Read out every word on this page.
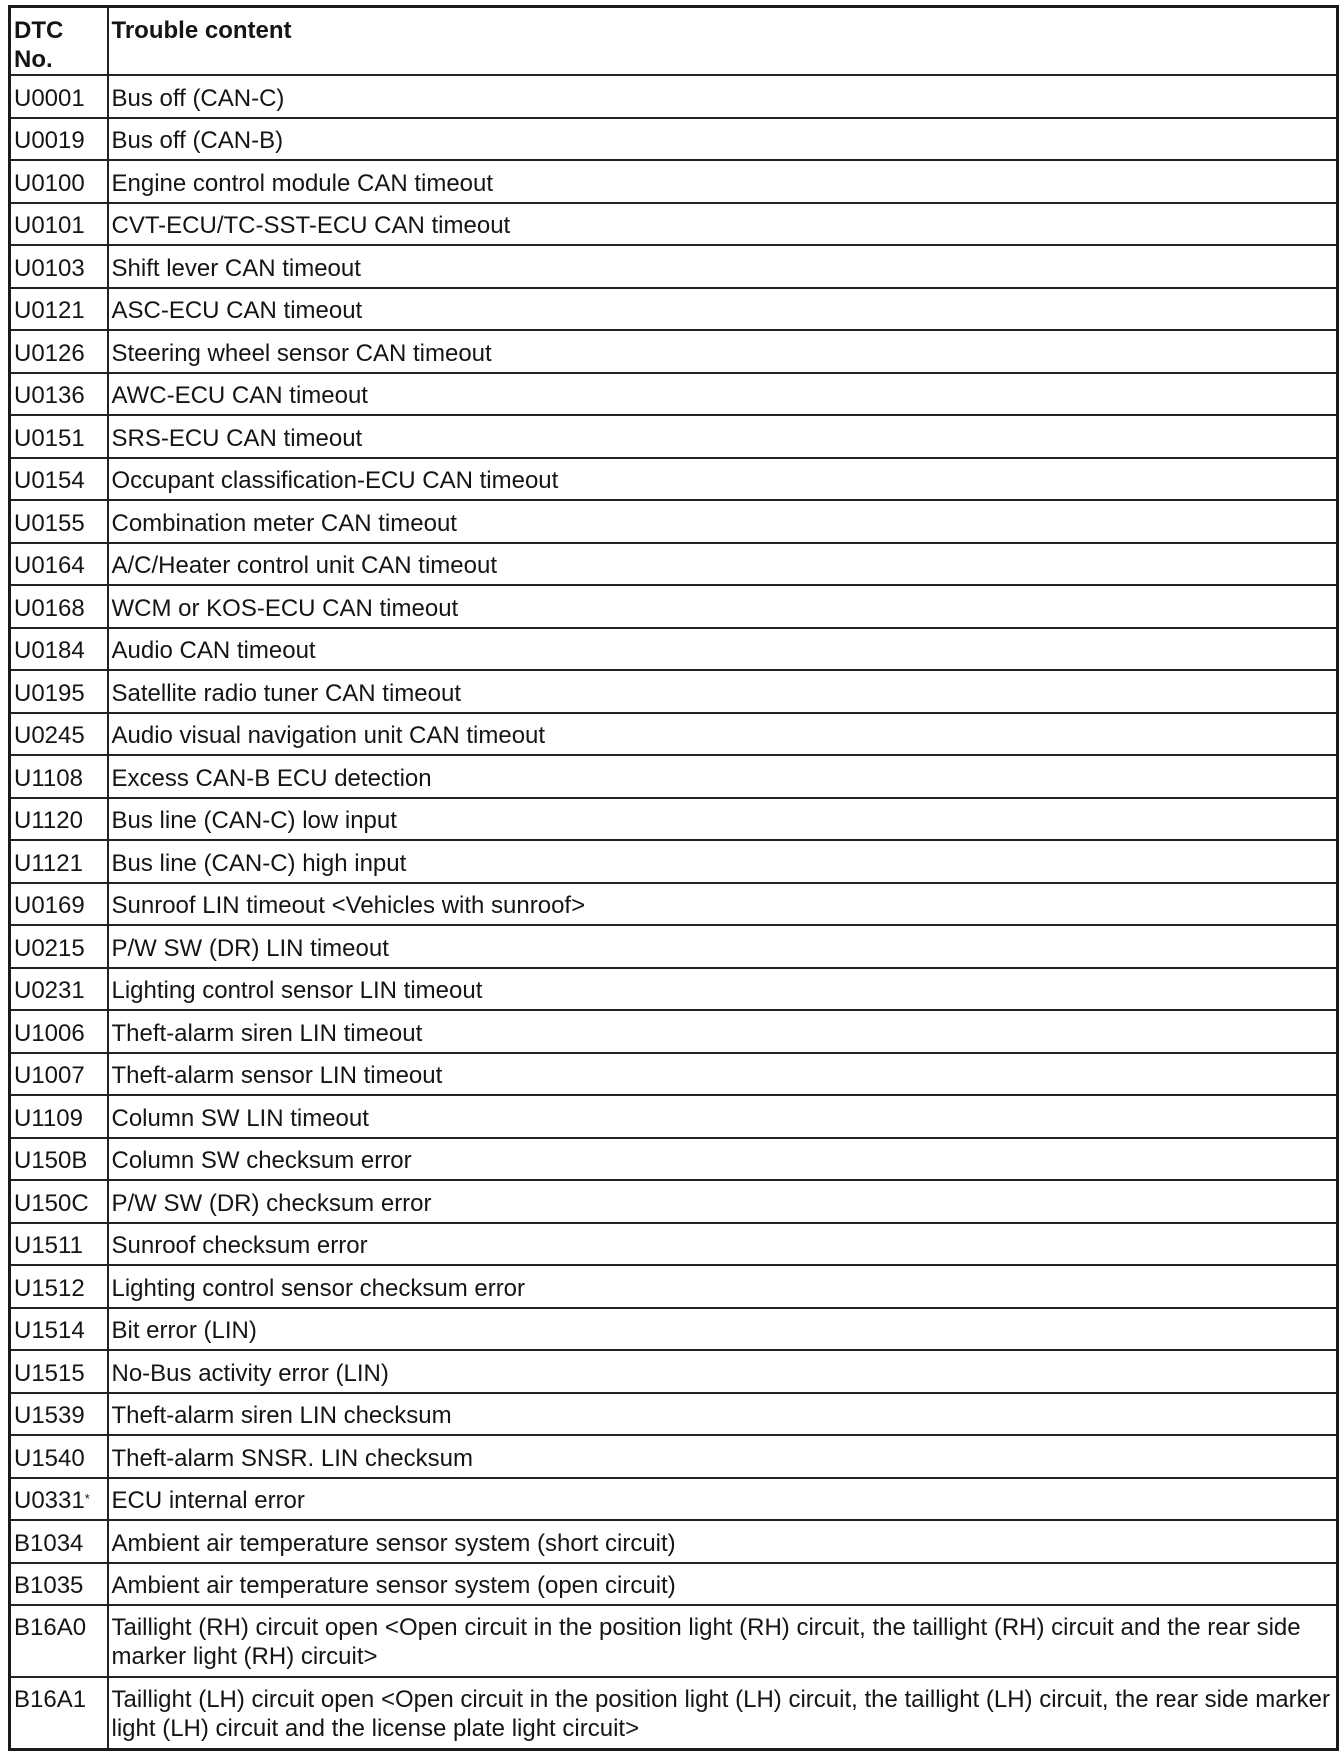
DTC
No.	Trouble content
U0001	Bus off (CAN-C)
U0019	Bus off (CAN-B)
U0100	Engine control module CAN timeout
U0101	CVT-ECU/TC-SST-ECU CAN timeout
U0103	Shift lever CAN timeout
U0121	ASC-ECU CAN timeout
U0126	Steering wheel sensor CAN timeout
U0136	AWC-ECU CAN timeout
U0151	SRS-ECU CAN timeout
U0154	Occupant classification-ECU CAN timeout
U0155	Combination meter CAN timeout
U0164	A/C/Heater control unit CAN timeout
U0168	WCM or KOS-ECU CAN timeout
U0184	Audio CAN timeout
U0195	Satellite radio tuner CAN timeout
U0245	Audio visual navigation unit CAN timeout
U1108	Excess CAN-B ECU detection
U1120	Bus line (CAN-C) low input
U1121	Bus line (CAN-C) high input
U0169	Sunroof LIN timeout <Vehicles with sunroof>
U0215	P/W SW (DR) LIN timeout
U0231	Lighting control sensor LIN timeout
U1006	Theft-alarm siren LIN timeout
U1007	Theft-alarm sensor LIN timeout
U1109	Column SW LIN timeout
U150B	Column SW checksum error
U150C	P/W SW (DR) checksum error
U1511	Sunroof checksum error
U1512	Lighting control sensor checksum error
U1514	Bit error (LIN)
U1515	No-Bus activity error (LIN)
U1539	Theft-alarm siren LIN checksum
U1540	Theft-alarm SNSR. LIN checksum
U0331*	ECU internal error
B1034	Ambient air temperature sensor system (short circuit)
B1035	Ambient air temperature sensor system (open circuit)
B16A0	Taillight (RH) circuit open <Open circuit in the position light (RH) circuit, the taillight (RH) circuit and the rear side marker light (RH) circuit>
B16A1	Taillight (LH) circuit open <Open circuit in the position light (LH) circuit, the taillight (LH) circuit, the rear side marker light (LH) circuit and the license plate light circuit>
